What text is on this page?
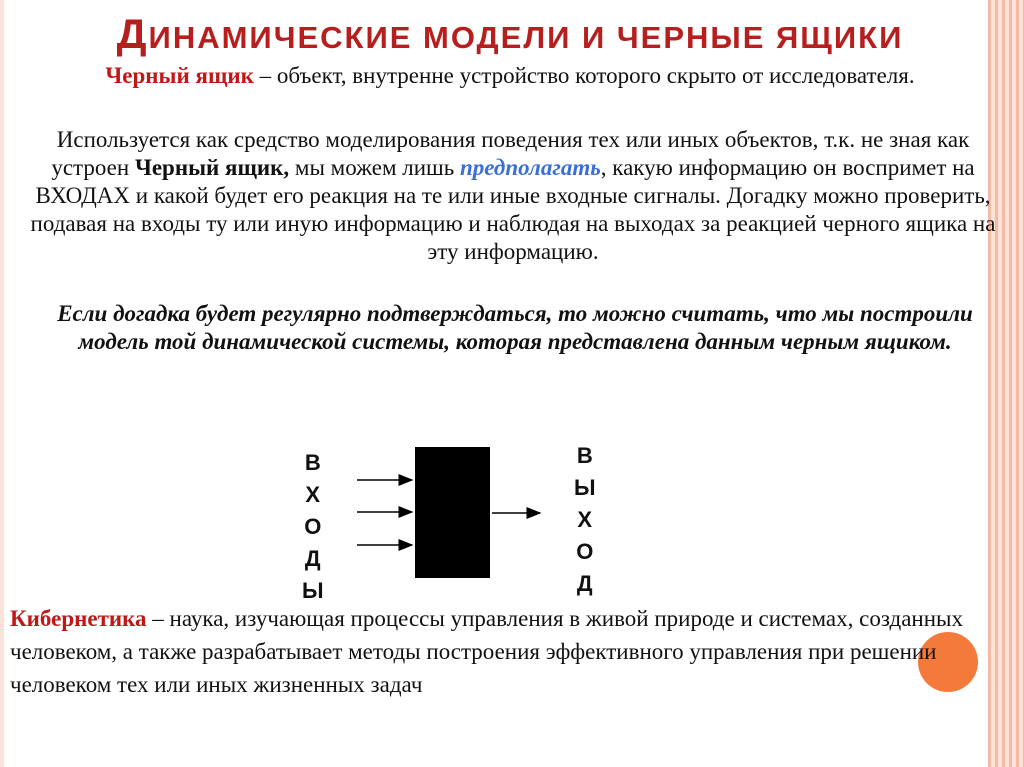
ДИНАМИЧЕСКИЕ МОДЕЛИ И ЧЕРНЫЕ ЯЩИКИ
Черный ящик – объект, внутренне устройство которого скрыто от исследователя.
Используется как средство моделирования поведения тех или иных объектов, т.к. не зная как устроен Черный ящик, мы можем лишь предполагать, какую информацию он воспримет на ВХОДАХ и какой будет его реакция на те или иные входные сигналы. Догадку можно проверить, подавая на входы ту или иную информацию и наблюдая на выходах за реакцией черного ящика на эту информацию.
Если догадка будет регулярно подтверждаться, то можно считать, что мы построили модель той динамической системы, которая представлена данным черным ящиком.
В
Х
О
Д
Ы
В
Ы
Х
О
Д
Кибернетика – наука, изучающая процессы управления в живой природе и системах, созданных человеком, а также разрабатывает методы построения эффективного управления при решении человеком тех или иных жизненных задач
